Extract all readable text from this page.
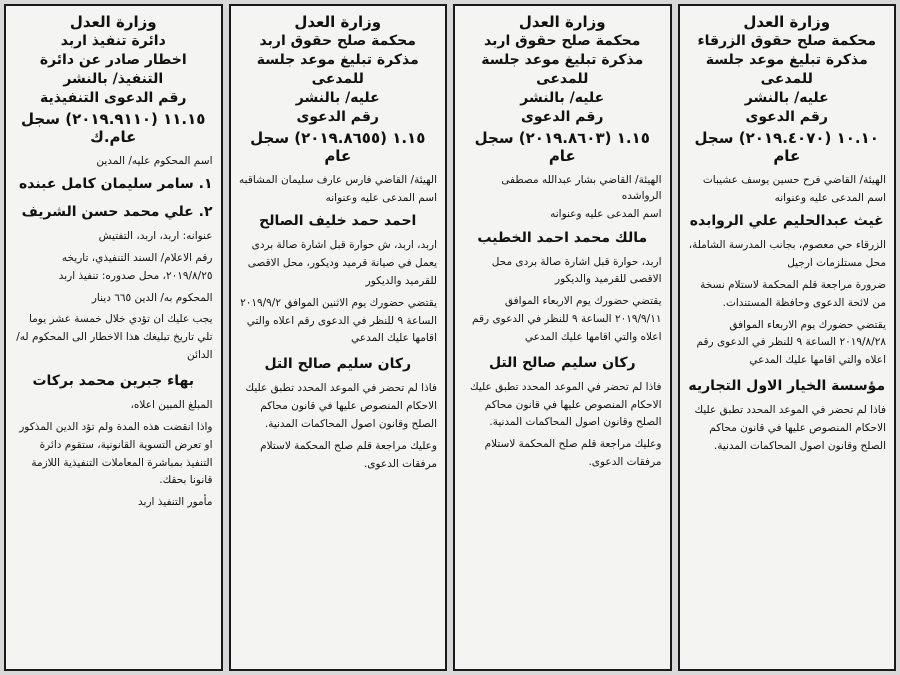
وزارة العدل

محكمة صلح حقوق الزرقاء

مذكرة تبليغ موعد جلسة للمدعى

عليه/ بالنشر

رقم الدعوى

١٠.١٠ (٢٠١٩.٤٠٧٠) سجل عام

الهيئة/ القاضي فرح حسين يوسف عشيبات

اسم المدعى عليه وعنوانه

غيث عبدالحليم علي الروابده

الزرقاء حي معصوم، بجانب المدرسة الشاملة، محل مستلزمات ارجيل

ضرورة مراجعة قلم المحكمة لاستلام نسخة من لائحة الدعوى وحافظة المستندات.

يقتضي حضورك يوم الاربعاء الموافق ٢٠١٩/٨/٢٨ الساعة ٩ للنظر في الدعوى رقم اعلاه والتي اقامها عليك المدعي

مؤسسة الخيار الاول التجاريه

فاذا لم تحضر في الموعد المحدد تطبق عليك الاحكام المنصوص عليها في قانون محاكم الصلح وقانون اصول المحاكمات المدنية.

وزارة العدل

محكمة صلح حقوق اربد

مذكرة تبليغ موعد جلسة للمدعى

عليه/ بالنشر

رقم الدعوى

١.١٥ (٢٠١٩.٨٦٠٣) سجل عام

الهيئة/ القاضي بشار عبدالله مصطفى الرواشده

اسم المدعى عليه وعنوانه

مالك محمد احمد الخطيب

اربد، حوارة قبل اشارة صالة بردى محل الاقصى للقرميد والديكور

يقتضي حضورك يوم الاربعاء الموافق ٢٠١٩/٩/١١ الساعة ٩ للنظر في الدعوى رقم اعلاه والتي اقامها عليك المدعي

ركان سليم صالح التل

فاذا لم تحضر في الموعد المحدد تطبق عليك الاحكام المنصوص عليها في قانون محاكم الصلح وقانون اصول المحاكمات المدنية.

وعليك مراجعة قلم صلح المحكمة لاستلام مرفقات الدعوى.

وزارة العدل

محكمة صلح حقوق اربد

مذكرة تبليغ موعد جلسة للمدعى

عليه/ بالنشر

رقم الدعوى

١.١٥ (٢٠١٩.٨٦٥٥) سجل عام

الهيئة/ القاضي فارس عارف سليمان المشاقبه

اسم المدعى عليه وعنوانه

احمد حمد خليف الصالح

اربد، اربد، ش حوارة قبل اشارة صالة بردى يعمل في صيانة قرميد وديكور، محل الاقصى للقرميد والديكور

يقتضي حضورك يوم الاثنين الموافق ٢٠١٩/٩/٢ الساعة ٩ للنظر في الدعوى رقم اعلاه والتي اقامها عليك المدعي

ركان سليم صالح التل

فاذا لم تحضر في الموعد المحدد تطبق عليك الاحكام المنصوص عليها في قانون محاكم الصلح وقانون اصول المحاكمات المدنية.

وعليك مراجعة قلم صلح المحكمة لاستلام مرفقات الدعوى.

وزارة العدل

دائرة تنفيذ اربد

اخطار صادر عن دائرة التنفيذ/ بالنشر

رقم الدعوى التنفيذية

١١.١٥ (٢٠١٩.٩١١٠) سجل عام.ك

اسم المحكوم عليه/ المدين

١. سامر سليمان كامل عبنده

٢. علي محمد حسن الشريف

عنوانه: اربد، اربد، التفتيش

رقم الاعلام/ السند التنفيذي، تاريخه ٢٠١٩/٨/٢٥، محل صدوره: تنفيذ اربد

المحكوم به/ الدين ٦٦٥ دينار

يجب عليك ان تؤدي خلال خمسة عشر يوما تلي تاريخ تبليغك هذا الاخطار الى المحكوم له/ الدائن

بهاء جبرين محمد بركات

المبلغ المبين اعلاه،

واذا انقضت هذه المدة ولم تؤد الدين المذكور او تعرض التسوية القانونية، ستقوم دائرة التنفيذ بمباشرة المعاملات التنفيذية اللازمة قانونا بحقك.

مأمور التنفيذ اربد
